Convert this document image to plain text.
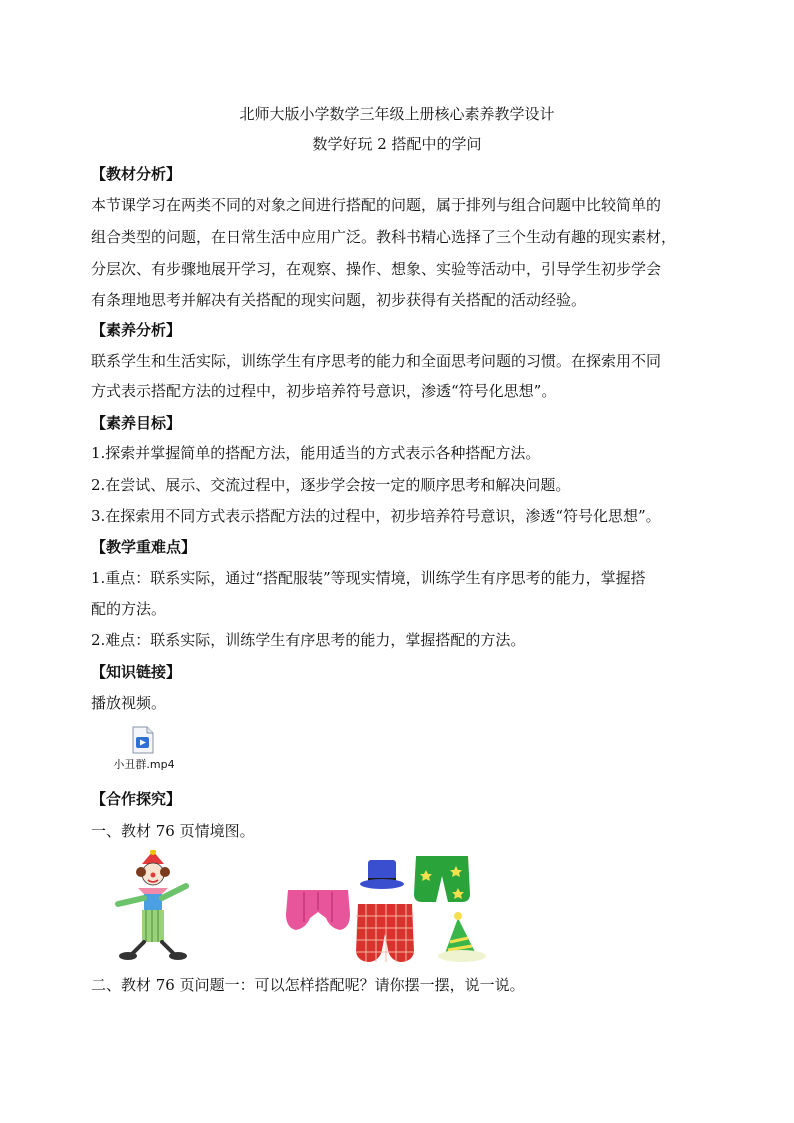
北师大版小学数学三年级上册核心素养教学设计
数学好玩 2 搭配中的学问
【教材分析】
本节课学习在两类不同的对象之间进行搭配的问题，属于排列与组合问题中比较简单的
组合类型的问题，在日常生活中应用广泛。教科书精心选择了三个生动有趣的现实素材，
分层次、有步骤地展开学习，在观察、操作、想象、实验等活动中，引导学生初步学会
有条理地思考并解决有关搭配的现实问题，初步获得有关搭配的活动经验。
【素养分析】
联系学生和生活实际，训练学生有序思考的能力和全面思考问题的习惯。在探索用不同
方式表示搭配方法的过程中，初步培养符号意识，渗透“符号化思想”。
【素养目标】
1.探索并掌握简单的搭配方法，能用适当的方式表示各种搭配方法。
2.在尝试、展示、交流过程中，逐步学会按一定的顺序思考和解决问题。
3.在探索用不同方式表示搭配方法的过程中，初步培养符号意识，渗透“符号化思想”。
【教学重难点】
1.重点：联系实际，通过“搭配服装”等现实情境，训练学生有序思考的能力，掌握搭
配的方法。
2.难点：联系实际，训练学生有序思考的能力，掌握搭配的方法。
【知识链接】
播放视频。
小丑群.mp4
【合作探究】
一、教材 76 页情境图。
二、教材 76 页问题一：可以怎样搭配呢？请你摆一摆，说一说。
